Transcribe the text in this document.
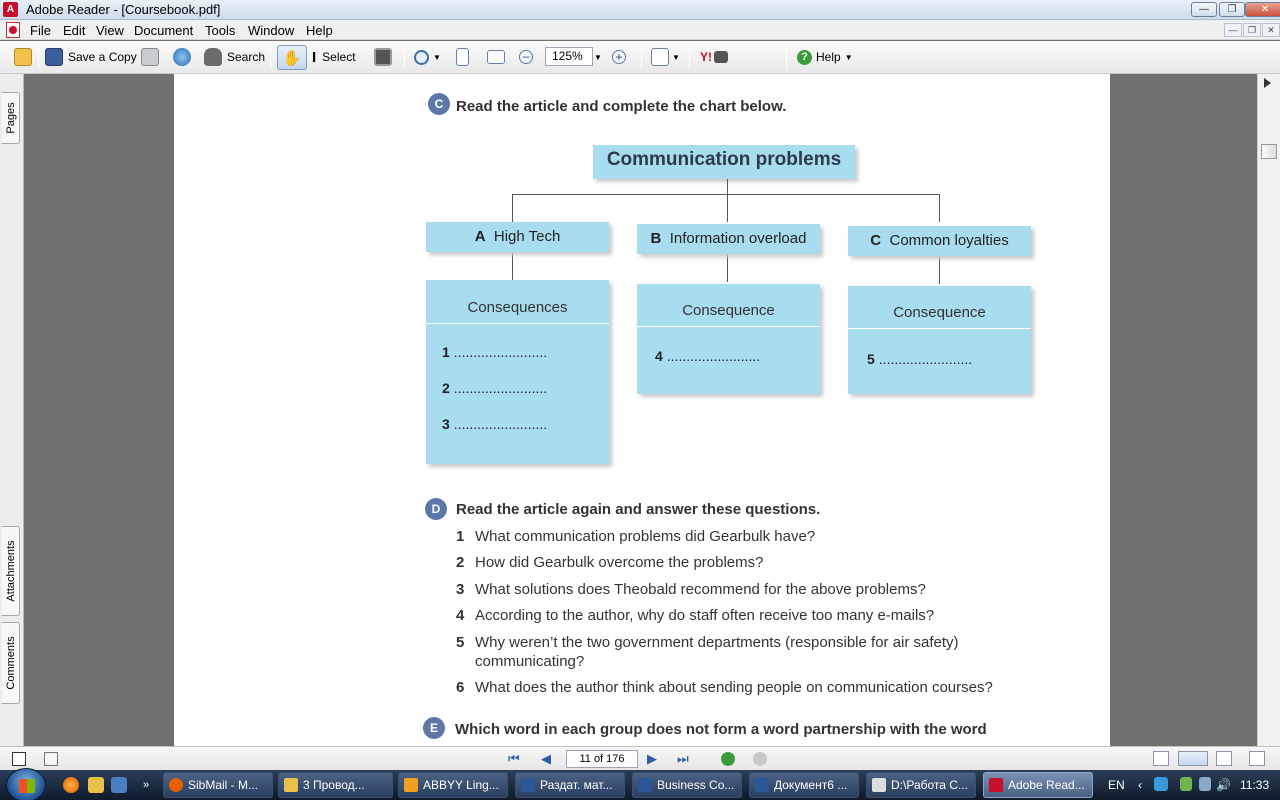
A Adobe Reader - [Coursebook.pdf]	—	❐	✕
File Edit View Document Tools Window Help	—	❐	✕
Save a Copy	Search ✋ I Select	▼	–	▼ +	▼ Y!	? Help ▼
125%
Pages
Attachments
Comments
C Read the article and complete the chart below.
Communication problems
A High Tech	B Information overload	C Common loyalties
Consequences
1 ........................
2 ........................
3 ........................
Consequence
4 ........................
Consequence
5 ........................
D	Read the article again and answer these questions.
1 What communication problems did Gearbulk have?
2 How did Gearbulk overcome the problems?
3 What solutions does Theobald recommend for the above problems?
4 According to the author, why do staff often receive too many e-mails?
5 Why weren’t the two government departments (responsible for air safety)
communicating?
6 What does the author think about sending people on communication courses?
E	Which word in each group does not form a word partnership with the word
⏮ ◀	11 of 176	▶	⏭
»	SibMail - M...	3 Провод...	ABBYY Ling...	Раздат. мат...	Business Co...	Документ6 ...	D:\Работа С...	Adobe Read...	EN ‹	🔊 11:33
